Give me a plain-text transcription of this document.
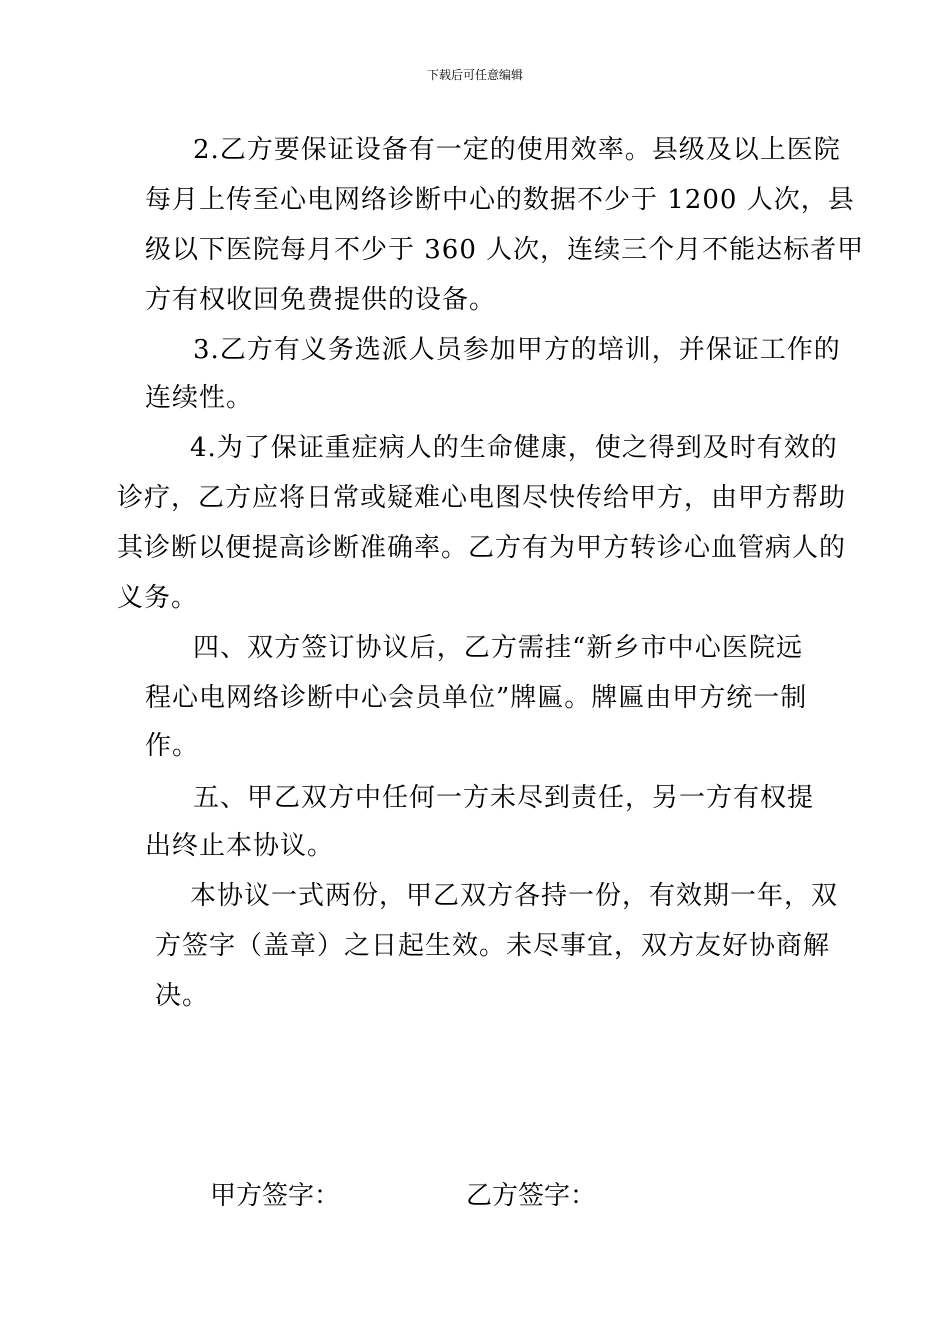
下载后可任意编辑
2.乙方要保证设备有一定的使用效率。县级及以上医院
每月上传至心电网络诊断中心的数据不少于 1200 人次，县
级以下医院每月不少于 360 人次，连续三个月不能达标者甲
方有权收回免费提供的设备。
3.乙方有义务选派人员参加甲方的培训，并保证工作的
连续性。
4.为了保证重症病人的生命健康，使之得到及时有效的
诊疗，乙方应将日常或疑难心电图尽快传给甲方，由甲方帮助
其诊断以便提高诊断准确率。乙方有为甲方转诊心血管病人的
义务。
四、双方签订协议后，乙方需挂“新乡市中心医院远
程心电网络诊断中心会员单位”牌匾。牌匾由甲方统一制
作。
五、甲乙双方中任何一方未尽到责任，另一方有权提
出终止本协议。
本协议一式两份，甲乙双方各持一份，有效期一年，双
方签字（盖章）之日起生效。未尽事宜，双方友好协商解
决。
甲方签字：	乙方签字：
